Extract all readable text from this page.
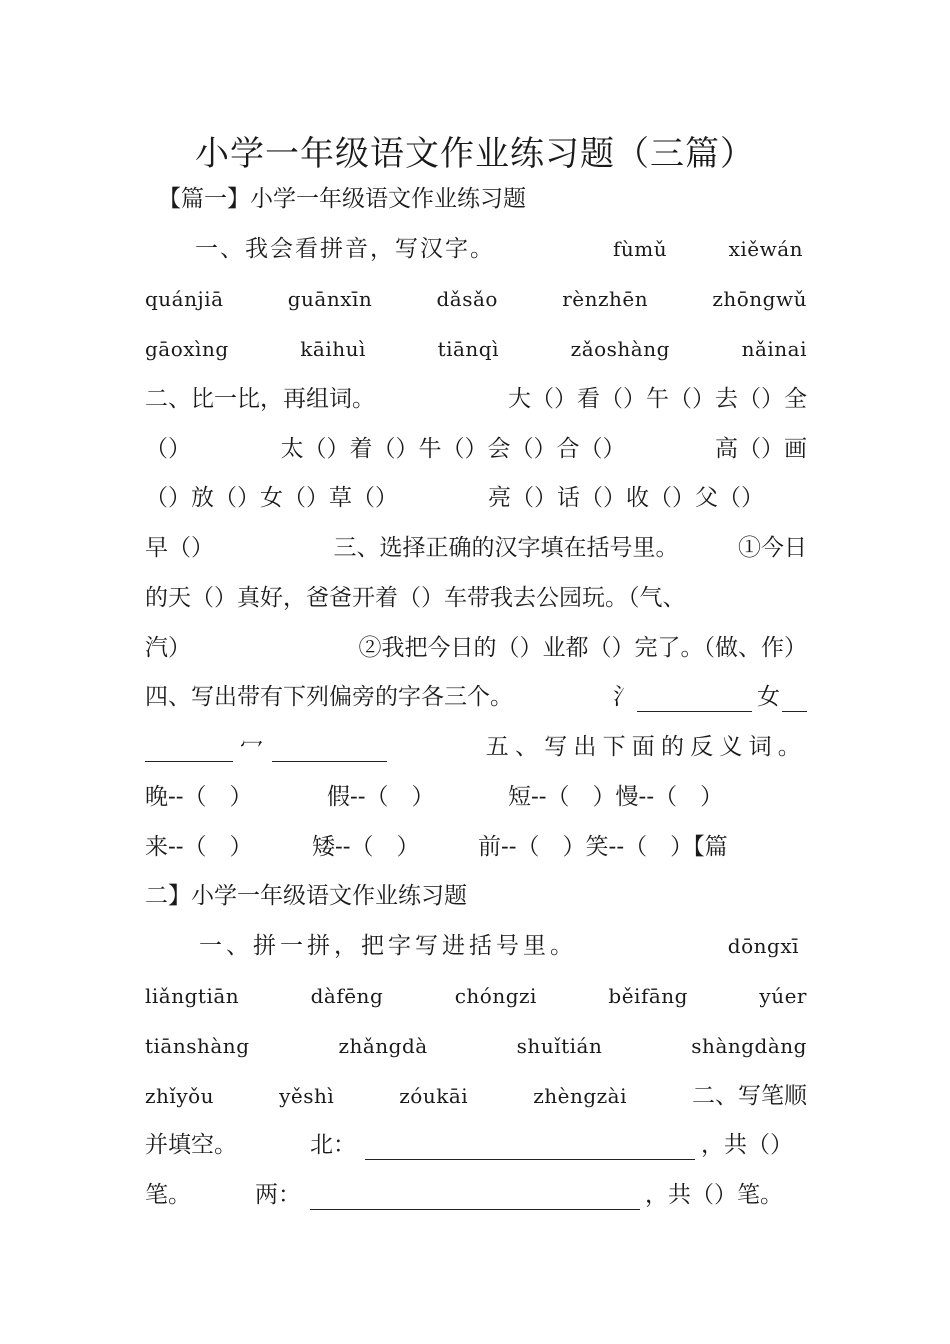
小学一年级语文作业练习题（三篇）
【篇一】小学一年级语文作业练习题
　　一、我会看拼音，写汉字。	fùmǔ	xiěwán
quánjiā	guānxīn	dǎsǎo	rènzhēn	zhōngwǔ
gāoxìng	kāihuì	tiānqì	zǎoshàng	nǎinai
二、比一比，再组词。	大（）看（）午（）去（）全
（）	太（）着（）牛（）会（）合（）	高（）画
（）放（）女（）草（）	亮（）话（）收（）父（）
早（）	三、选择正确的汉字填在括号里。	①今日
的天（）真好，爸爸开着（）车带我去公园玩。（气、
汽）	②我把今日的（）业都（）完了。（做、作）
四、写出带有下列偏旁的字各三个。	氵	女
冖	五、写出下面的反义词。
晚--（　）	假--（　）	短--（　）慢--（　）
来--（　）	矮--（　）	前--（　）笑--（　）【篇
二】小学一年级语文作业练习题
　　一、拼一拼，把字写进括号里。	dōngxī
liǎngtiān	dàfēng	chóngzi	běifāng	yúer
tiānshàng	zhǎngdà	shuǐtián	shàngdàng
zhǐyǒu	yěshì	zóukāi	zhèngzài	二、写笔顺
并填空。	北：	，共（）
笔。	两：	，共（）笔。
